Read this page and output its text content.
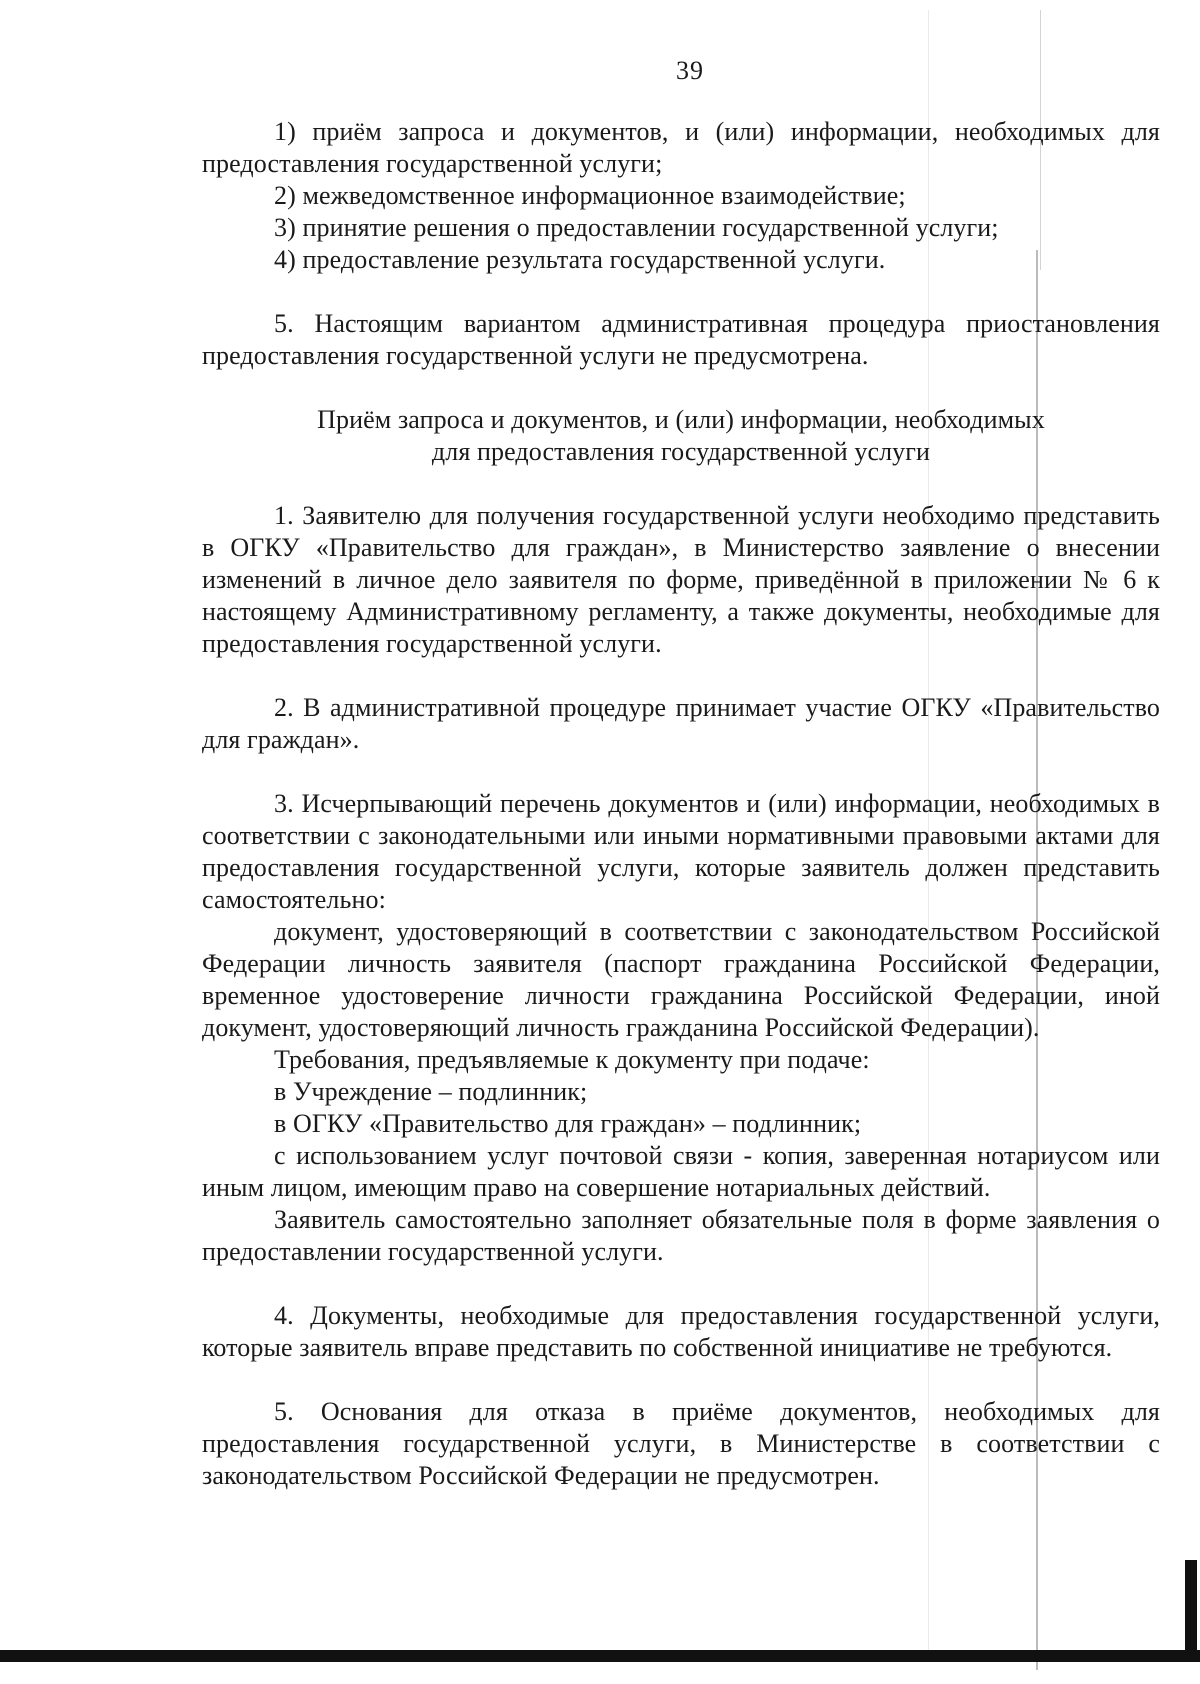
39

1) приём запроса и документов, и (или) информации, необходимых для предоставления государственной услуги;

2) межведомственное информационное взаимодействие;

3) принятие решения о предоставлении государственной услуги;

4) предоставление результата государственной услуги.

5. Настоящим вариантом административная процедура приостановления предоставления государственной услуги не предусмотрена.

Приём запроса и документов, и (или) информации, необходимых

для предоставления государственной услуги

1. Заявителю для получения государственной услуги необходимо представить в ОГКУ «Правительство для граждан», в Министерство заявление о внесении изменений в личное дело заявителя по форме, приведённой в приложении № 6 к настоящему Административному регламенту, а также документы, необходимые для предоставления государственной услуги.

2. В административной процедуре принимает участие ОГКУ «Правительство для граждан».

3. Исчерпывающий перечень документов и (или) информации, необходимых в соответствии с законодательными или иными нормативными правовыми актами для предоставления государственной услуги, которые заявитель должен представить самостоятельно:

документ, удостоверяющий в соответствии с законодательством Российской Федерации личность заявителя (паспорт гражданина Российской Федерации, временное удостоверение личности гражданина Российской Федерации, иной документ, удостоверяющий личность гражданина Российской Федерации).

Требования, предъявляемые к документу при подаче:

в Учреждение – подлинник;

в ОГКУ «Правительство для граждан» – подлинник;

с использованием услуг почтовой связи - копия, заверенная нотариусом или иным лицом, имеющим право на совершение нотариальных действий.

Заявитель самостоятельно заполняет обязательные поля в форме заявления о предоставлении государственной услуги.

4. Документы, необходимые для предоставления государственной услуги, которые заявитель вправе представить по собственной инициативе не требуются.

5. Основания для отказа в приёме документов, необходимых для предоставления государственной услуги, в Министерстве в соответствии с законодательством Российской Федерации не предусмотрен.
